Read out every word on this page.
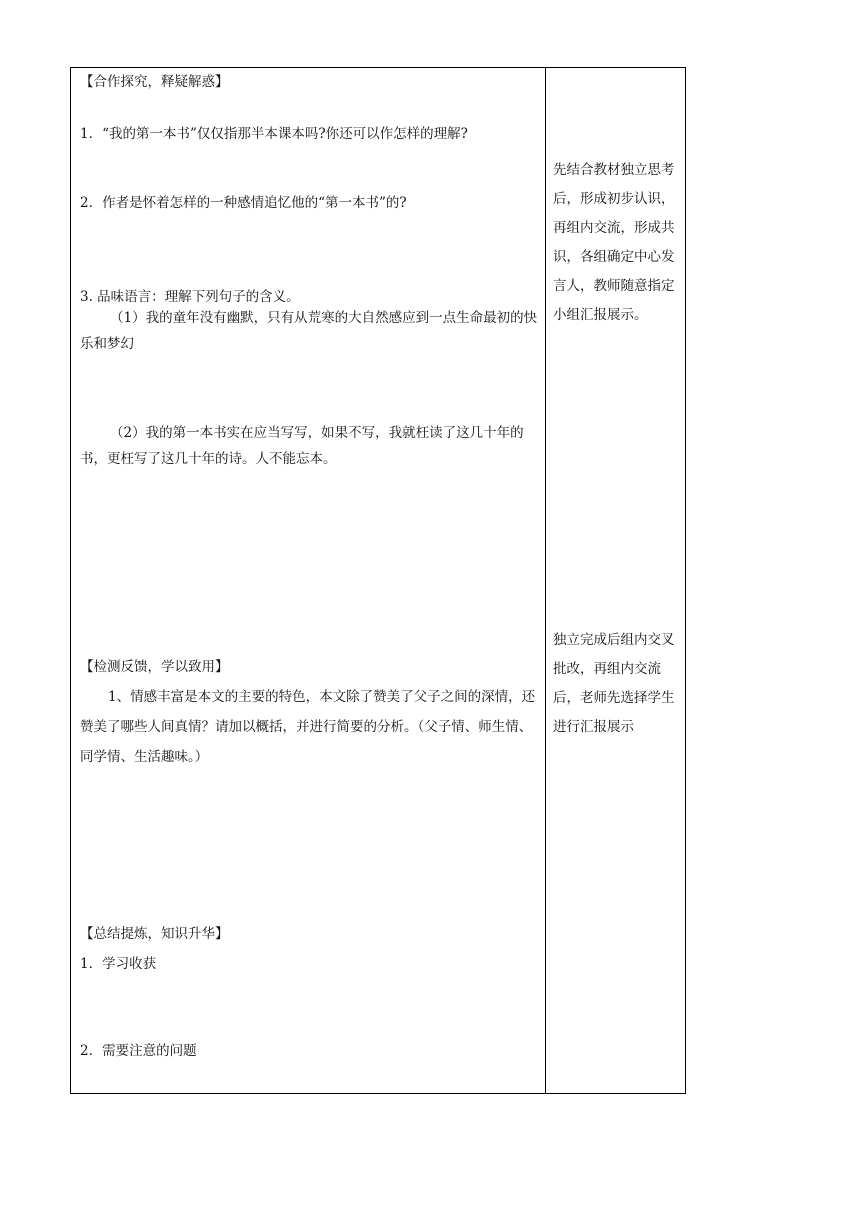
【合作探究，释疑解惑】
1．“我的第一本书”仅仅指那半本课本吗?你还可以作怎样的理解?
2．作者是怀着怎样的一种感情追忆他的“第一本书”的?
3. 品味语言：理解下列句子的含义。
（1）我的童年没有幽默，只有从荒寒的大自然感应到一点生命最初的快乐和梦幻
（2）我的第一本书实在应当写写，如果不写，我就枉读了这几十年的书，更枉写了这几十年的诗。人不能忘本。
【检测反馈，学以致用】
1、情感丰富是本文的主要的特色，本文除了赞美了父子之间的深情，还赞美了哪些人间真情？请加以概括，并进行简要的分析。（父子情、师生情、同学情、生活趣味。）
【总结提炼，知识升华】
1．学习收获
2．需要注意的问题
先结合教材独立思考后，形成初步认识，再组内交流，形成共识，各组确定中心发言人，教师随意指定小组汇报展示。
独立完成后组内交叉批改，再组内交流后，老师先选择学生进行汇报展示
